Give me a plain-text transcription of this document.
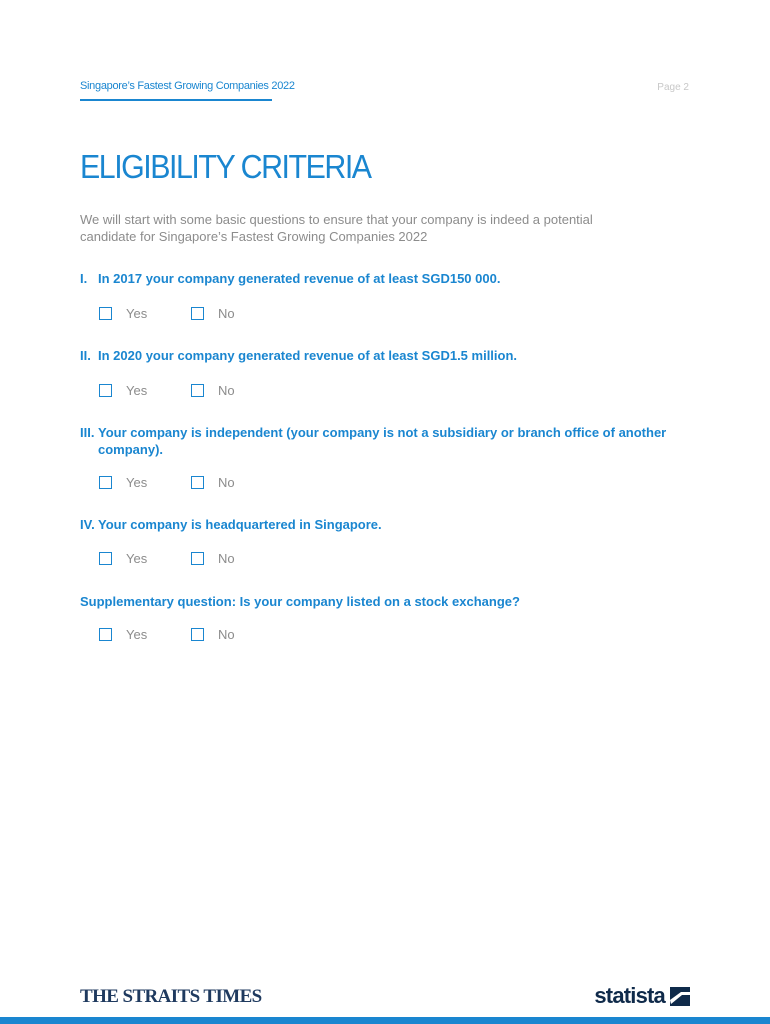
Singapore’s Fastest Growing Companies 2022	Page 2
ELIGIBILITY CRITERIA

We will start with some basic questions to ensure that your company is indeed a potential candidate for Singapore’s Fastest Growing Companies 2022

I. In 2017 your company generated revenue of at least SGD150 000.
Yes	No
II. In 2020 your company generated revenue of at least SGD1.5 million.
Yes	No
III. Your company is independent (your company is not a subsidiary or branch office of another company).
Yes	No
IV. Your company is headquartered in Singapore.
Yes	No
Supplementary question: Is your company listed on a stock exchange?
Yes	No
THE STRAITS TIMES	statista
